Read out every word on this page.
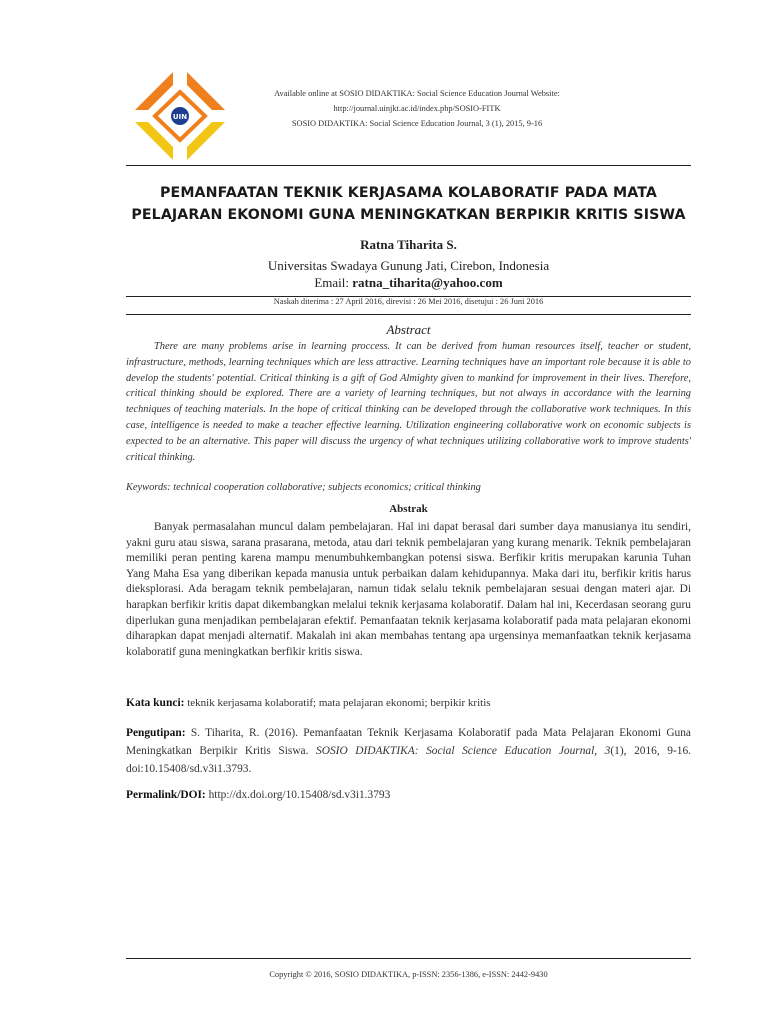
UIN
Available online at SOSIO DIDAKTIKA: Social Science Education Journal Website:
http://journal.uinjkt.ac.id/index.php/SOSIO-FITK
SOSIO DIDAKTIKA: Social Science Education Journal, 3 (1), 2015, 9-16
PEMANFAATAN TEKNIK KERJASAMA KOLABORATIF PADA MATA PELAJARAN EKONOMI GUNA MENINGKATKAN BERPIKIR KRITIS SISWA
Ratna Tiharita S.
Universitas Swadaya Gunung Jati, Cirebon, Indonesia
Email: ratna_tiharita@yahoo.com
Naskah diterima : 27 April 2016, direvisi : 26 Mei 2016, disetujui : 26 Juni 2016
Abstract

There are many problems arise in learning proccess. It can be derived from human resources itself, teacher or student, infrastructure, methods, learning techniques which are less attractive. Learning techniques have an important role because it is able to develop the students' potential. Critical thinking is a gift of God Almighty given to mankind for improvement in their lives. Therefore, critical thinking should be explored. There are a variety of learning techniques, but not always in accordance with the learning techniques of teaching materials. In the hope of critical thinking can be developed through the collaborative work techniques. In this case, intelligence is needed to make a teacher effective learning. Utilization engineering collaborative work on economic subjects is expected to be an alternative. This paper will discuss the urgency of what techniques utilizing collaborative work to improve students' critical thinking.

Keywords: technical cooperation collaborative; subjects economics; critical thinking
Abstrak

Banyak permasalahan muncul dalam pembelajaran. Hal ini dapat berasal dari sumber daya manusianya itu sendiri, yakni guru atau siswa, sarana prasarana, metoda, atau dari teknik pembelajaran yang kurang menarik. Teknik pembelajaran memiliki peran penting karena mampu menumbuhkembangkan potensi siswa. Berfikir kritis merupakan karunia Tuhan Yang Maha Esa yang diberikan kepada manusia untuk perbaikan dalam kehidupannya. Maka dari itu, berfikir kritis harus dieksplorasi. Ada beragam teknik pembelajaran, namun tidak selalu teknik pembelajaran sesuai dengan materi ajar. Di harapkan berfikir kritis dapat dikembangkan melalui teknik kerjasama kolaboratif. Dalam hal ini, Kecerdasan seorang guru diperlukan guna menjadikan pembelajaran efektif. Pemanfaatan teknik kerjasama kolaboratif pada mata pelajaran ekonomi diharapkan dapat menjadi alternatif. Makalah ini akan membahas tentang apa urgensinya memanfaatkan teknik kerjasama kolaboratif guna meningkatkan berfikir kritis siswa.

Kata kunci: teknik kerjasama kolaboratif; mata pelajaran ekonomi; berpikir kritis

Pengutipan: S. Tiharita, R. (2016). Pemanfaatan Teknik Kerjasama Kolaboratif pada Mata Pelajaran Ekonomi Guna Meningkatkan Berpikir Kritis Siswa. SOSIO DIDAKTIKA: Social Science Education Journal, 3(1), 2016, 9-16. doi:10.15408/sd.v3i1.3793.

Permalink/DOI: http://dx.doi.org/10.15408/sd.v3i1.3793
Copyright © 2016, SOSIO DIDAKTIKA, p-ISSN: 2356-1386, e-ISSN: 2442-9430
